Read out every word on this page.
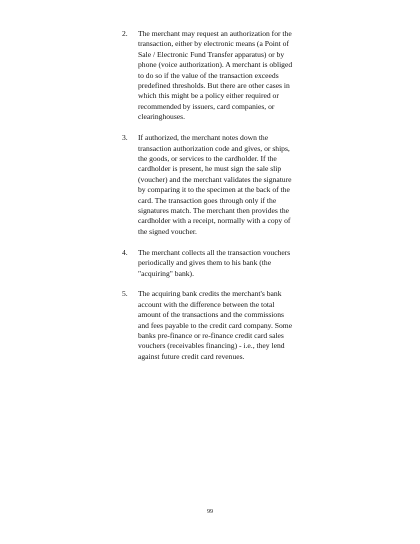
2. The merchant may request an authorization for the
transaction, either by electronic means (a Point of
Sale / Electronic Fund Transfer apparatus) or by
phone (voice authorization). A merchant is obliged
to do so if the value of the transaction exceeds
predefined thresholds. But there are other cases in
which this might be a policy either required or
recommended by issuers, card companies, or
clearinghouses.
3. If authorized, the merchant notes down the
transaction authorization code and gives, or ships,
the goods, or services to the cardholder. If the
cardholder is present, he must sign the sale slip
(voucher) and the merchant validates the signature
by comparing it to the specimen at the back of the
card. The transaction goes through only if the
signatures match. The merchant then provides the
cardholder with a receipt, normally with a copy of
the signed voucher.
4. The merchant collects all the transaction vouchers
periodically and gives them to his bank (the
"acquiring" bank).
5. The acquiring bank credits the merchant's bank
account with the difference between the total
amount of the transactions and the commissions
and fees payable to the credit card company. Some
banks pre-finance or re-finance credit card sales
vouchers (receivables financing) - i.e., they lend
against future credit card revenues.
99
